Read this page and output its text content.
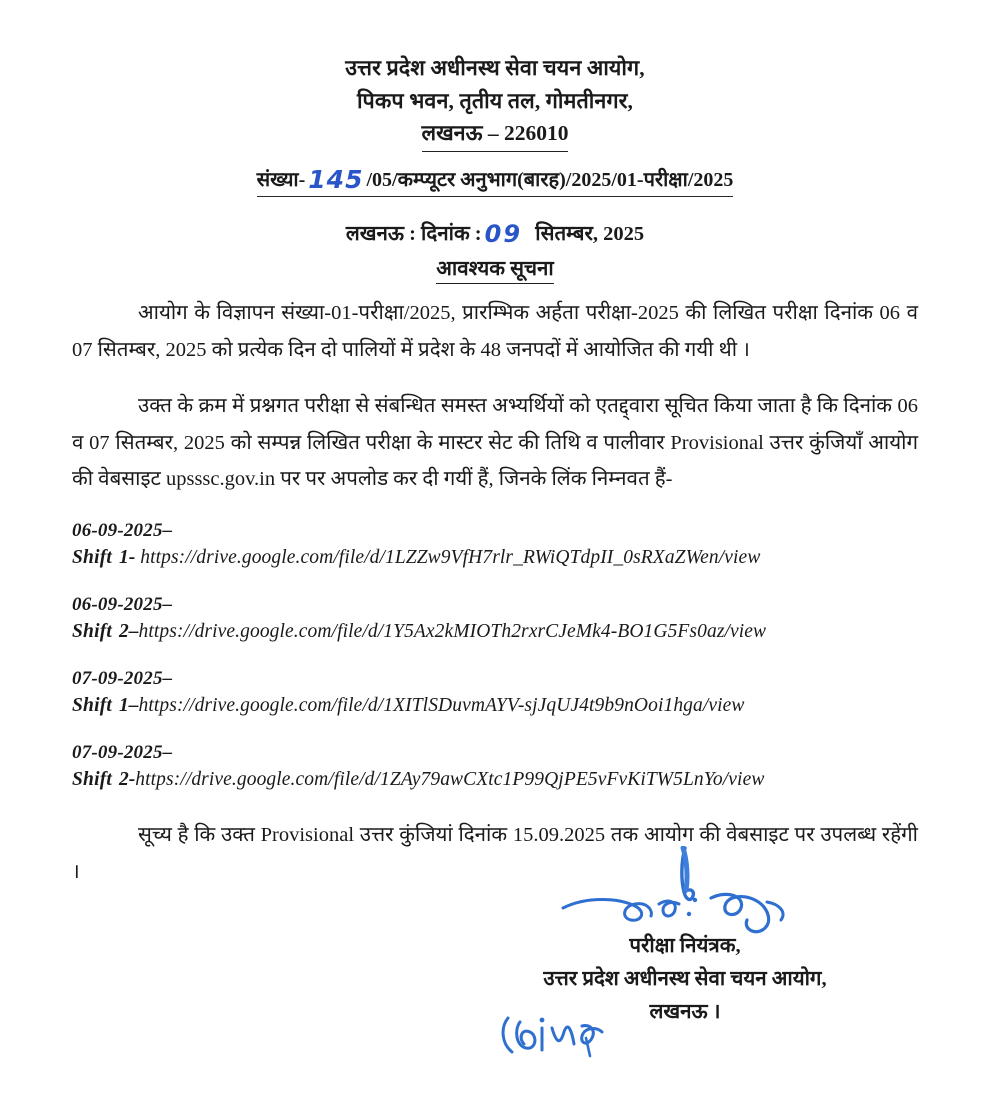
उत्तर प्रदेश अधीनस्थ सेवा चयन आयोग,
पिकप भवन, तृतीय तल, गोमतीनगर,
लखनऊ – 226010
संख्या- 145 /05/कम्प्यूटर अनुभाग(बारह)/2025/01-परीक्षा/2025
लखनऊ : दिनांक : 09 सितम्बर, 2025
आवश्यक सूचना

आयोग के विज्ञापन संख्या-01-परीक्षा/2025, प्रारम्भिक अर्हता परीक्षा-2025 की लिखित परीक्षा दिनांक 06 व 07 सितम्बर, 2025 को प्रत्येक दिन दो पालियों में प्रदेश के 48 जनपदों में आयोजित की गयी थी ।

उक्त के क्रम में प्रश्नगत परीक्षा से संबन्धित समस्त अभ्यर्थियों को एतद्द्वारा सूचित किया जाता है कि दिनांक 06 व 07 सितम्बर, 2025 को सम्पन्न लिखित परीक्षा के मास्टर सेट की तिथि व पालीवार Provisional उत्तर कुंजियाँ आयोग की वेबसाइट upsssc.gov.in पर पर अपलोड कर दी गयीं हैं, जिनके लिंक निम्नवत हैं-

06-09-2025–
Shift 1- https://drive.google.com/file/d/1LZZw9VfH7rlr_RWiQTdpII_0sRXaZWen/view
06-09-2025–
Shift 2–https://drive.google.com/file/d/1Y5Ax2kMIOTh2rxrCJeMk4-BO1G5Fs0az/view
07-09-2025–
Shift 1–https://drive.google.com/file/d/1XITlSDuvmAYV-sjJqUJ4t9b9nOoi1hga/view
07-09-2025–
Shift 2-https://drive.google.com/file/d/1ZAy79awCXtc1P99QjPE5vFvKiTW5LnYo/view

सूच्य है कि उक्त Provisional उत्तर कुंजियां दिनांक 15.09.2025 तक आयोग की वेबसाइट पर उपलब्ध रहेंगी ।

परीक्षा नियंत्रक,
उत्तर प्रदेश अधीनस्थ सेवा चयन आयोग,
लखनऊ ।
